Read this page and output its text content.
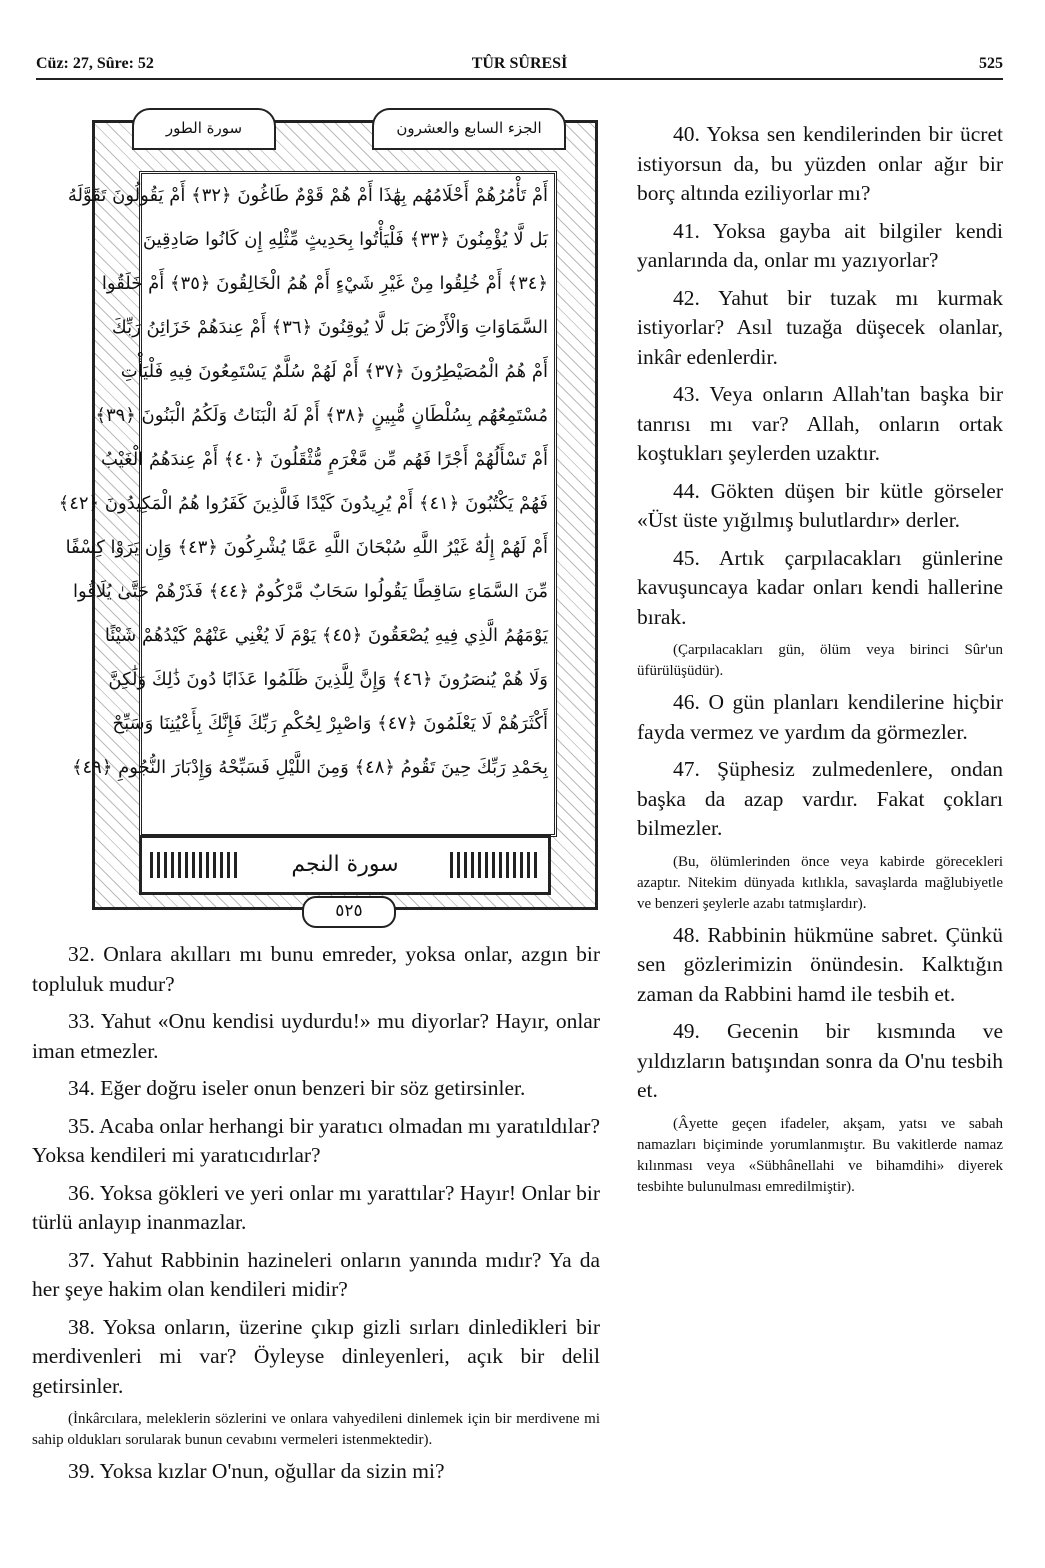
Cüz: 27, Sûre: 52	TÛR SÛRESİ	525
أَمْ تَأْمُرُهُمْ أَحْلَامُهُم بِهَٰذَا أَمْ هُمْ قَوْمٌ طَاغُونَ ﴿٣٢﴾ أَمْ يَقُولُونَ تَقَوَّلَهُ
بَل لَّا يُؤْمِنُونَ ﴿٣٣﴾ فَلْيَأْتُوا بِحَدِيثٍ مِّثْلِهِ إِن كَانُوا صَادِقِينَ
﴿٣٤﴾ أَمْ خُلِقُوا مِنْ غَيْرِ شَيْءٍ أَمْ هُمُ الْخَالِقُونَ ﴿٣٥﴾ أَمْ خَلَقُوا
السَّمَاوَاتِ وَالْأَرْضَ بَل لَّا يُوقِنُونَ ﴿٣٦﴾ أَمْ عِندَهُمْ خَزَائِنُ رَبِّكَ
أَمْ هُمُ الْمُصَيْطِرُونَ ﴿٣٧﴾ أَمْ لَهُمْ سُلَّمٌ يَسْتَمِعُونَ فِيهِ فَلْيَأْتِ
مُسْتَمِعُهُم بِسُلْطَانٍ مُّبِينٍ ﴿٣٨﴾ أَمْ لَهُ الْبَنَاتُ وَلَكُمُ الْبَنُونَ ﴿٣٩﴾
أَمْ تَسْأَلُهُمْ أَجْرًا فَهُم مِّن مَّغْرَمٍ مُّثْقَلُونَ ﴿٤٠﴾ أَمْ عِندَهُمُ الْغَيْبُ
فَهُمْ يَكْتُبُونَ ﴿٤١﴾ أَمْ يُرِيدُونَ كَيْدًا فَالَّذِينَ كَفَرُوا هُمُ الْمَكِيدُونَ ﴿٤٢﴾
أَمْ لَهُمْ إِلَٰهٌ غَيْرُ اللَّهِ سُبْحَانَ اللَّهِ عَمَّا يُشْرِكُونَ ﴿٤٣﴾ وَإِن يَرَوْا كِسْفًا
مِّنَ السَّمَاءِ سَاقِطًا يَقُولُوا سَحَابٌ مَّرْكُومٌ ﴿٤٤﴾ فَذَرْهُمْ حَتَّىٰ يُلَاقُوا
يَوْمَهُمُ الَّذِي فِيهِ يُصْعَقُونَ ﴿٤٥﴾ يَوْمَ لَا يُغْنِي عَنْهُمْ كَيْدُهُمْ شَيْئًا
وَلَا هُمْ يُنصَرُونَ ﴿٤٦﴾ وَإِنَّ لِلَّذِينَ ظَلَمُوا عَذَابًا دُونَ ذَٰلِكَ وَلَٰكِنَّ
أَكْثَرَهُمْ لَا يَعْلَمُونَ ﴿٤٧﴾ وَاصْبِرْ لِحُكْمِ رَبِّكَ فَإِنَّكَ بِأَعْيُنِنَا وَسَبِّحْ
بِحَمْدِ رَبِّكَ حِينَ تَقُومُ ﴿٤٨﴾ وَمِنَ اللَّيْلِ فَسَبِّحْهُ وَإِدْبَارَ النُّجُومِ ﴿٤٩﴾
سورة النجم
سورة الطور	الجزء السابع والعشرون
٥٢٥

32. Onlara akılları mı bunu emreder, yoksa onlar, azgın bir topluluk mudur?

33. Yahut «Onu kendisi uydurdu!» mu diyorlar? Hayır, onlar iman etmezler.

34. Eğer doğru iseler onun benzeri bir söz getirsinler.

35. Acaba onlar herhangi bir yaratıcı olmadan mı yaratıldılar? Yoksa kendileri mi yaratıcıdırlar?

36. Yoksa gökleri ve yeri onlar mı yarattılar? Hayır! Onlar bir türlü anlayıp inanmazlar.

37. Yahut Rabbinin hazineleri onların yanında mıdır? Ya da her şeye hakim olan kendileri midir?

38. Yoksa onların, üzerine çıkıp gizli sırları dinledikleri bir merdivenleri mi var? Öyleyse dinleyenleri, açık bir delil getirsinler.

(İnkârcılara, meleklerin sözlerini ve onlara vahyedileni dinlemek için bir merdivene mi sahip oldukları sorularak bunun cevabını vermeleri istenmektedir).

39. Yoksa kızlar O'nun, oğullar da sizin mi?

40. Yoksa sen kendilerinden bir ücret istiyorsun da, bu yüzden onlar ağır bir borç altında eziliyorlar mı?

41. Yoksa gayba ait bilgiler kendi yanlarında da, onlar mı yazıyorlar?

42. Yahut bir tuzak mı kurmak istiyorlar? Asıl tuzağa düşecek olanlar, inkâr edenlerdir.

43. Veya onların Allah'tan başka bir tanrısı mı var? Allah, onların ortak koştukları şeylerden uzaktır.

44. Gökten düşen bir kütle görseler «Üst üste yığılmış bulutlardır» derler.

45. Artık çarpılacakları günlerine kavuşuncaya kadar onları kendi hallerine bırak.

(Çarpılacakları gün, ölüm veya birinci Sûr'un üfürülüşüdür).

46. O gün planları kendilerine hiçbir fayda vermez ve yardım da görmezler.

47. Şüphesiz zulmedenlere, ondan başka da azap vardır. Fakat çokları bilmezler.

(Bu, ölümlerinden önce veya kabirde görecekleri azaptır. Nitekim dünyada kıtlıkla, savaşlarda mağlubiyetle ve benzeri şeylerle azabı tatmışlardır).

48. Rabbinin hükmüne sabret. Çünkü sen gözlerimizin önündesin. Kalktığın zaman da Rabbini hamd ile tesbih et.

49. Gecenin bir kısmında ve yıldızların batışından sonra da O'nu tesbih et.

(Âyette geçen ifadeler, akşam, yatsı ve sabah namazları biçiminde yorumlanmıştır. Bu vakitlerde namaz kılınması veya «Sübhânellahi ve bihamdihi» diyerek tesbihte bulunulması emredilmiştir).
